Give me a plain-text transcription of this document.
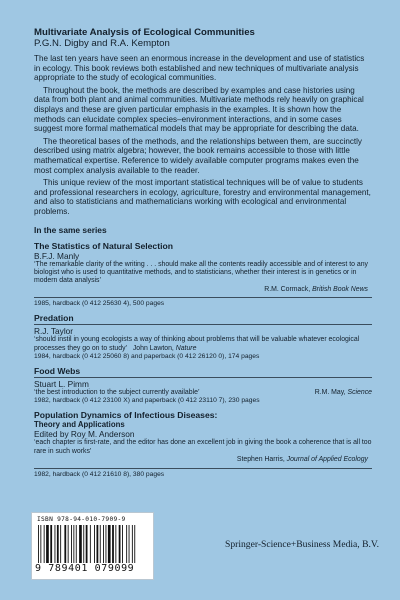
Multivariate Analysis of Ecological Communities
P.G.N. Digby and R.A. Kempton

The last ten years have seen an enormous increase in the development and use of statistics in ecology. This book reviews both established and new techniques of multivariate analysis appropriate to the study of ecological communities.

Throughout the book, the methods are described by examples and case histories using data from both plant and animal communities. Multivariate methods rely heavily on graphical displays and these are given particular emphasis in the examples. It is shown how the methods can elucidate complex species–environment interactions, and in some cases suggest more formal mathematical models that may be appropriate for describing the data.

The theoretical bases of the methods, and the relationships between them, are succinctly described using matrix algebra; however, the book remains accessible to those with little mathematical expertise. Reference to widely available computer programs makes even the most complex analysis available to the reader.

This unique review of the most important statistical techniques will be of value to students and professional researchers in ecology, agriculture, forestry and environmental management, and also to statisticians and mathematicians working with ecological and environmental problems.

In the same series
The Statistics of Natural Selection
B.F.J. Manly
‘The remarkable clarity of the writing . . . should make all the contents readily accessible and of interest to any biologist who is used to quantitative methods, and to statisticians, whether their interest is in genetics or in modern data analysis’
R.M. Cormack, British Book News
1985, hardback (0 412 25630 4), 500 pages
Predation
R.J. Taylor
‘should instil in young ecologists a way of thinking about problems that will be valuable whatever ecological processes they go on to study’ John Lawton, Nature
1984, hardback (0 412 25060 8) and paperback (0 412 26120 0), 174 pages
Food Webs
Stuart L. Pimm
‘the best introduction to the subject currently available’	R.M. May, Science
1982, hardback (0 412 23100 X) and paperback (0 412 23110 7), 230 pages
Population Dynamics of Infectious Diseases:
Theory and Applications
Edited by Roy M. Anderson
‘each chapter is first-rate, and the editor has done an excellent job in giving the book a coherence that is all too rare in such works’
Stephen Harris, Journal of Applied Ecology
1982, hardback (0 412 21610 8), 380 pages
ISBN 978-94-010-7909-9
9 789401 079099
Springer-Science+Business Media, B.V.
